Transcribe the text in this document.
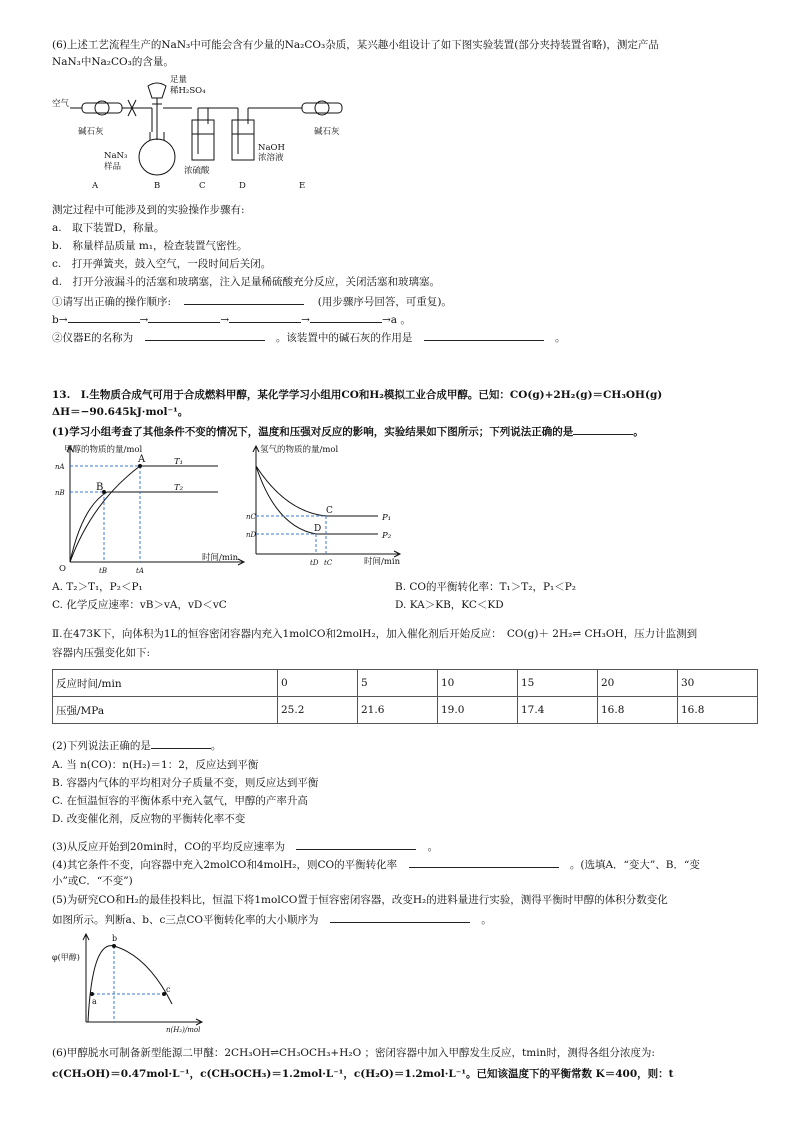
(6)上述工艺流程生产的NaN₃中可能会含有少量的Na₂CO₃杂质，某兴趣小组设计了如下图实验装置(部分夹持装置省略)，测定产品
NaN₃中Na₂CO₃的含量。
空气
碱石灰
足量
稀H₂SO₄
NaN₃
样品	浓硫酸
NaOH
浓溶液
碱石灰
A	B	C	D	E
测定过程中可能涉及到的实验操作步骤有:
a.　取下装置D，称量。
b.　称量样品质量 m₁，检查装置气密性。
c.　打开弹簧夹，鼓入空气，一段时间后关闭。
d.　打开分液漏斗的活塞和玻璃塞，注入足量稀硫酸充分反应，关闭活塞和玻璃塞。
①请写出正确的操作顺序:	(用步骤序号回答，可重复)。
b→	→	→	→	→a 。
②仪器E的名称为	。该装置中的碱石灰的作用是	。
13.　Ⅰ.生物质合成气可用于合成燃料甲醇，某化学学习小组用CO和H₂模拟工业合成甲醇。已知：CO(g)+2H₂(g)＝CH₃OH(g)
ΔH＝−90.645kJ·mol⁻¹。
(1)学习小组考查了其他条件不变的情况下，温度和压强对反应的影响，实验结果如下图所示；下列说法正确的是	。
甲醇的物质的量/mol
时间/min
O
A
B
T₁
T₂
nA
nB
tB	tA
氢气的物质的量/mol
时间/min
C
D
P₁
P₂
nC
nD
tD tC
A. T₂＞T₁，P₂＜P₁	B. CO的平衡转化率：T₁＞T₂，P₁＜P₂
C. 化学反应速率：vB＞vA，vD＜vC	D. KA＞KB，KC＜KD
Ⅱ.在473K下，向体积为1L的恒容密闭容器内充入1molCO和2molH₂，加入催化剂后开始反应：　CO(g)＋ 2H₂⇌ CH₃OH，压力计监测到
容器内压强变化如下:
反应时间/min	0	5	10	15	20	30
压强/MPa	25.2	21.6	19.0	17.4	16.8	16.8
(2)下列说法正确的是	。
A. 当 n(CO)：n(H₂)＝1：2，反应达到平衡
B. 容器内气体的平均相对分子质量不变，则反应达到平衡
C. 在恒温恒容的平衡体系中充入氩气，甲醇的产率升高
D. 改变催化剂，反应物的平衡转化率不变
(3)从反应开始到20min时，CO的平均反应速率为	。
(4)其它条件不变，向容器中充入2molCO和4molH₂，则CO的平衡转化率	。(选填A．“变大”、B．“变
小”或C．“不变”)
(5)为研究CO和H₂的最佳投料比，恒温下将1molCO置于恒容密闭容器，改变H₂的进料量进行实验，测得平衡时甲醇的体积分数变化
如图所示。判断a、b、c三点CO平衡转化率的大小顺序为	。
φ(甲醇)
n(H₂)/mol
a
b
c
(6)甲醇脱水可制备新型能源二甲醚：2CH₃OH⇌CH₃OCH₃+H₂O ；密闭容器中加入甲醇发生反应，tmin时，测得各组分浓度为:
c(CH₃OH)＝0.47mol·L⁻¹，c(CH₃OCH₃)＝1.2mol·L⁻¹，c(H₂O)＝1.2mol·L⁻¹。已知该温度下的平衡常数 K＝400，则：t
